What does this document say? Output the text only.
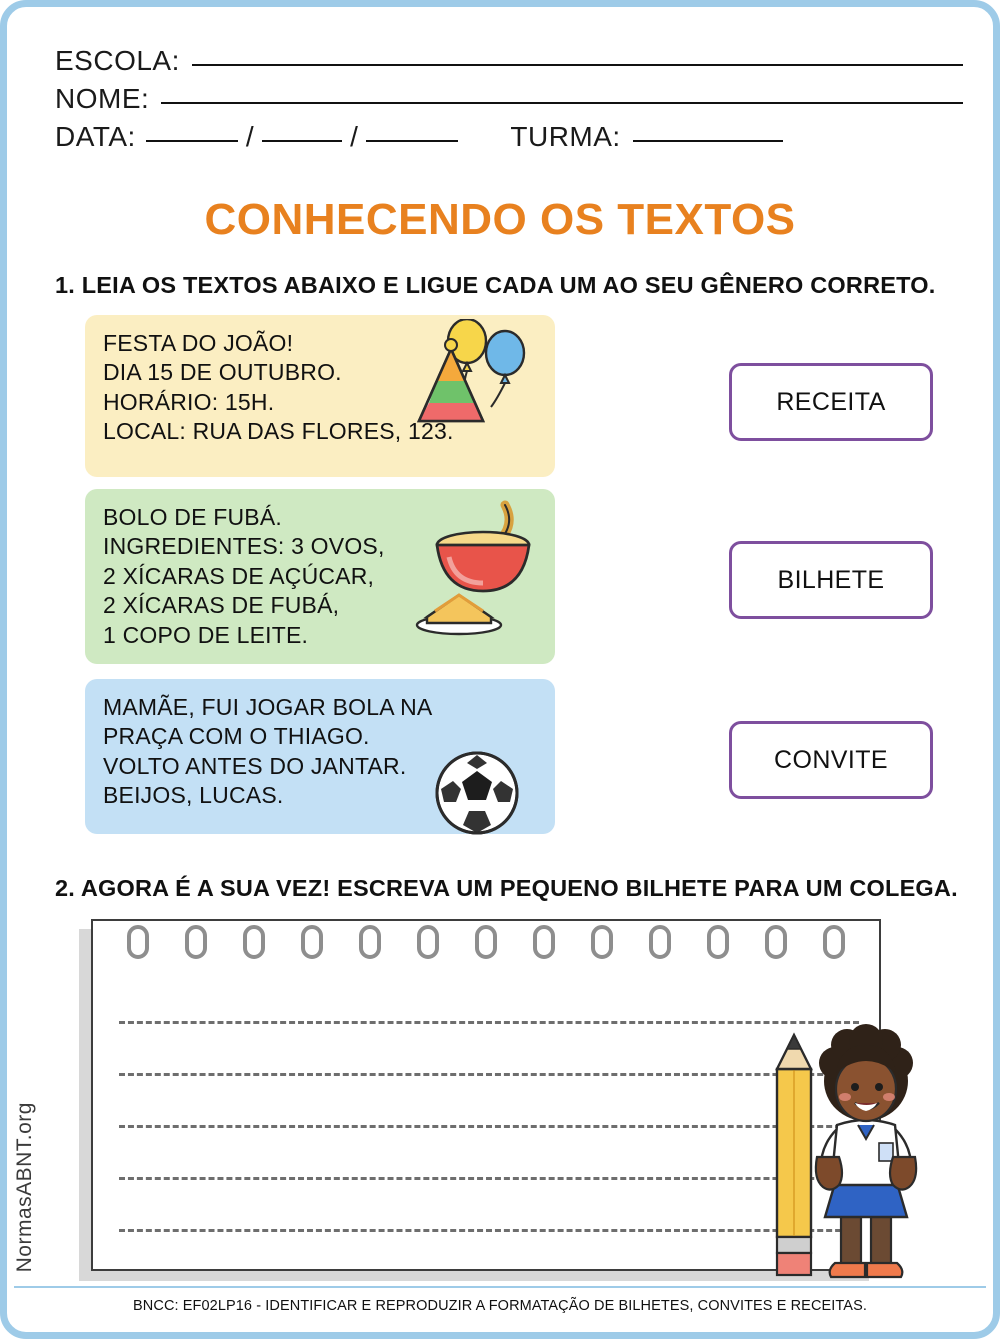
ESCOLA:
NOME:
DATA:	/	/	TURMA:
CONHECENDO OS TEXTOS
1. LEIA OS TEXTOS ABAIXO E LIGUE CADA UM AO SEU GÊNERO CORRETO.
FESTA DO JOÃO!
DIA 15 DE OUTUBRO.
HORÁRIO: 15H.
LOCAL: RUA DAS FLORES, 123.
BOLO DE FUBÁ.
INGREDIENTES: 3 OVOS,
2 XÍCARAS DE AÇÚCAR,
2 XÍCARAS DE FUBÁ,
1 COPO DE LEITE.
MAMÃE, FUI JOGAR BOLA NA
PRAÇA COM O THIAGO.
VOLTO ANTES DO JANTAR.
BEIJOS, LUCAS.
RECEITA
BILHETE
CONVITE
2. AGORA É A SUA VEZ! ESCREVA UM PEQUENO BILHETE PARA UM COLEGA.
NormasABNT.org
BNCC: EF02LP16 - IDENTIFICAR E REPRODUZIR A FORMATAÇÃO DE BILHETES, CONVITES E RECEITAS.
